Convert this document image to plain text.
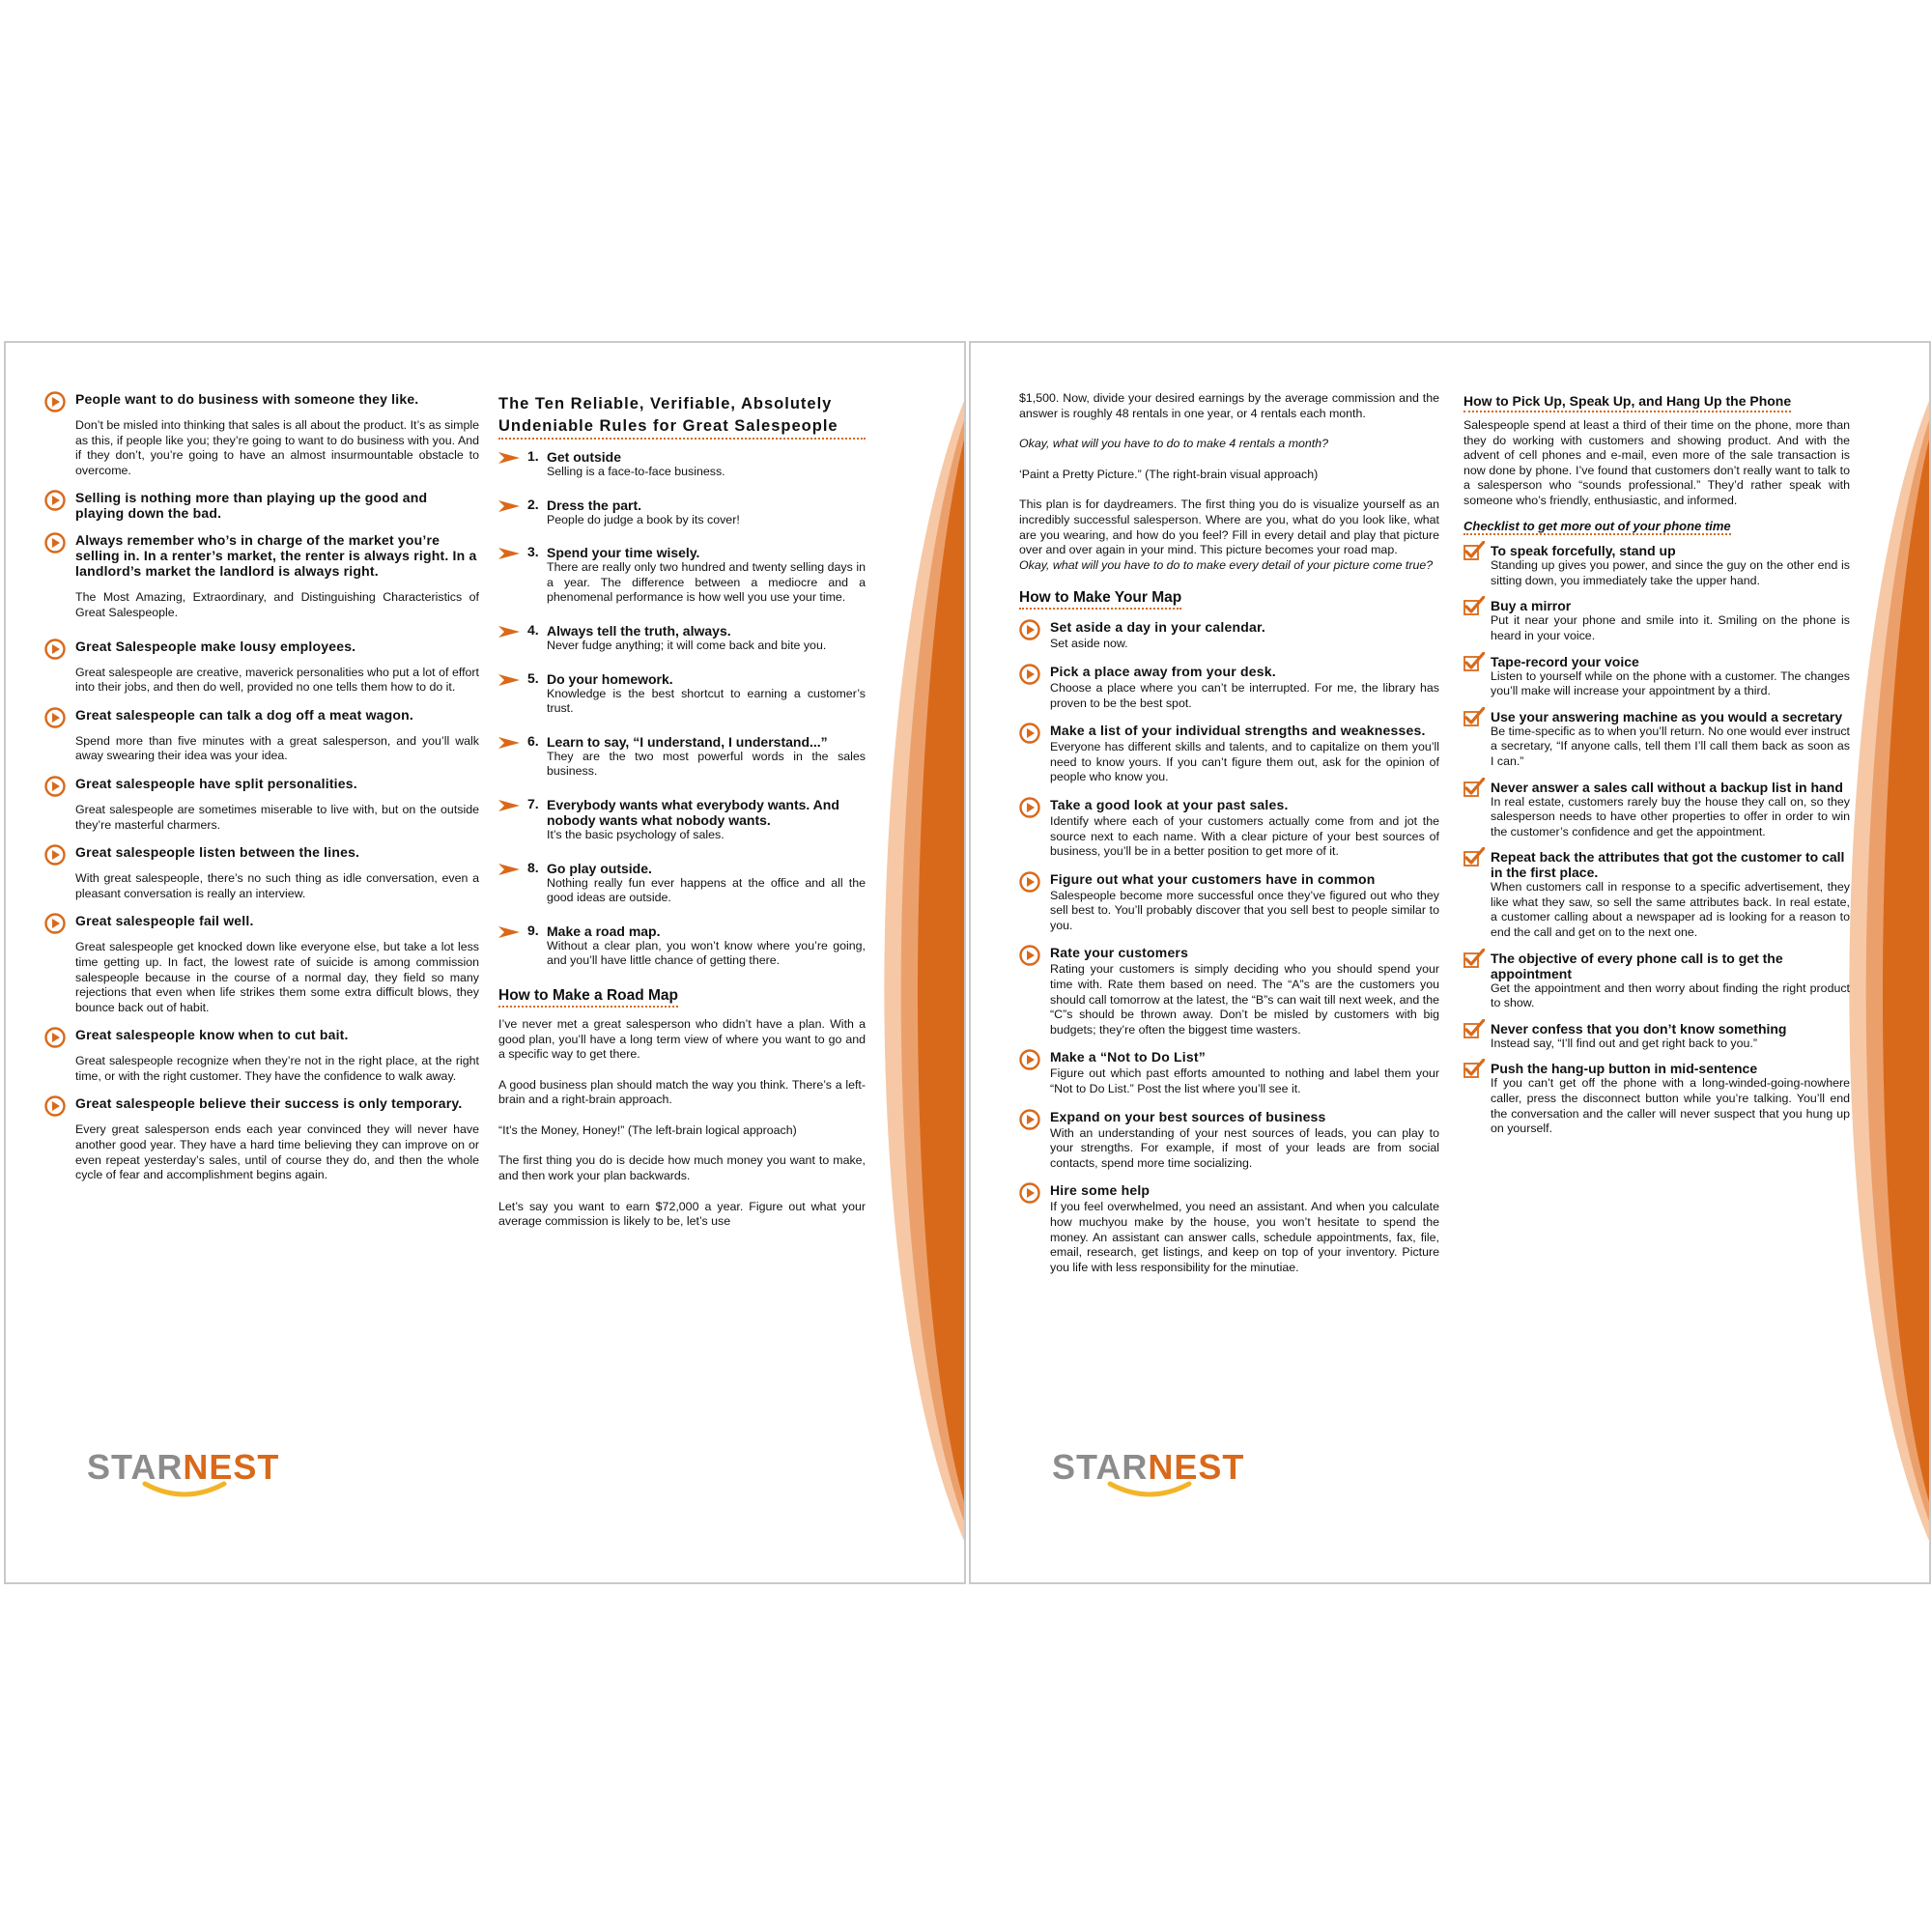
People want to do business with someone they like.
Don’t be misled into thinking that sales is all about the product. It’s as simple as this, if people like you; they’re going to want to do business with you. And if they don’t, you’re going to have an almost insurmountable obstacle to overcome.
Selling is nothing more than playing up the good and playing down the bad.
Always remember who’s in charge of the market you’re selling in. In a renter’s market, the renter is always right. In a landlord’s market the landlord is always right.
The Most Amazing, Extraordinary, and Distinguishing Characteristics of Great Salespeople.
Great Salespeople make lousy employees.
Great salespeople are creative, maverick personalities who put a lot of effort into their jobs, and then do well, provided no one tells them how to do it.
Great salespeople can talk a dog off a meat wagon.
Spend more than five minutes with a great salesperson, and you’ll walk away swearing their idea was your idea.
Great salespeople have split personalities.
Great salespeople are sometimes miserable to live with, but on the outside they’re masterful charmers.
Great salespeople listen between the lines.
With great salespeople, there’s no such thing as idle conversation, even a pleasant conversation is really an interview.
Great salespeople fail well.
Great salespeople get knocked down like everyone else, but take a lot less time getting up. In fact, the lowest rate of suicide is among commission salespeople because in the course of a normal day, they field so many rejections that even when life strikes them some extra difficult blows, they bounce back out of habit.
Great salespeople know when to cut bait.
Great salespeople recognize when they’re not in the right place, at the right time, or with the right customer. They have the confidence to walk away.
Great salespeople believe their success is only temporary.
Every great salesperson ends each year convinced they will never have another good year. They have a hard time believing they can improve on or even repeat yesterday’s sales, until of course they do, and then the whole cycle of fear and accomplishment begins again.
The Ten Reliable, Verifiable, Absolutely Undeniable Rules for Great Salespeople
1. Get outside
Selling is a face-to-face business.
2. Dress the part.
People do judge a book by its cover!
3. Spend your time wisely.
There are really only two hundred and twenty selling days in a year. The difference between a mediocre and a phenomenal performance is how well you use your time.
4. Always tell the truth, always.
Never fudge anything; it will come back and bite you.
5. Do your homework.
Knowledge is the best shortcut to earning a customer’s trust.
6. Learn to say, “I understand, I understand...”
They are the two most powerful words in the sales business.
7. Everybody wants what everybody wants. And nobody wants what nobody wants.
It’s the basic psychology of sales.
8. Go play outside.
Nothing really fun ever happens at the office and all the good ideas are outside.
9. Make a road map.
Without a clear plan, you won’t know where you’re going, and you’ll have little chance of getting there.
How to Make a Road Map
I’ve never met a great salesperson who didn’t have a plan. With a good plan, you’ll have a long term view of where you want to go and a specific way to get there.
A good business plan should match the way you think. There’s a left-brain and a right-brain approach.
“It’s the Money, Honey!” (The left-brain logical approach)
The first thing you do is decide how much money you want to make, and then work your plan backwards.
Let’s say you want to earn $72,000 a year. Figure out what your average commission is likely to be, let’s use
STARNEST
$1,500. Now, divide your desired earnings by the average commission and the answer is roughly 48 rentals in one year, or 4 rentals each month.
Okay, what will you have to do to make 4 rentals a month?
‘Paint a Pretty Picture.” (The right-brain visual approach)
This plan is for daydreamers. The first thing you do is visualize yourself as an incredibly successful salesperson. Where are you, what do you look like, what are you wearing, and how do you feel? Fill in every detail and play that picture over and over again in your mind. This picture becomes your road map.
Okay, what will you have to do to make every detail of your picture come true?
How to Make Your Map
Set aside a day in your calendar.
Set aside now.
Pick a place away from your desk.
Choose a place where you can’t be interrupted. For me, the library has proven to be the best spot.
Make a list of your individual strengths and weaknesses.
Everyone has different skills and talents, and to capitalize on them you’ll need to know yours. If you can’t figure them out, ask for the opinion of people who know you.
Take a good look at your past sales.
Identify where each of your customers actually come from and jot the source next to each name. With a clear picture of your best sources of business, you’ll be in a better position to get more of it.
Figure out what your customers have in common
Salespeople become more successful once they’ve figured out who they sell best to. You’ll probably discover that you sell best to people similar to you.
Rate your customers
Rating your customers is simply deciding who you should spend your time with. Rate them based on need. The “A”s are the customers you should call tomorrow at the latest, the “B”s can wait till next week, and the “C”s should be thrown away. Don’t be misled by customers with big budgets; they’re often the biggest time wasters.
Make a “Not to Do List”
Figure out which past efforts amounted to nothing and label them your “Not to Do List.” Post the list where you’ll see it.
Expand on your best sources of business
With an understanding of your nest sources of leads, you can play to your strengths. For example, if most of your leads are from social contacts, spend more time socializing.
Hire some help
If you feel overwhelmed, you need an assistant. And when you calculate how muchyou make by the house, you won’t hesitate to spend the money. An assistant can answer calls, schedule appointments, fax, file, email, research, get listings, and keep on top of your inventory. Picture you life with less responsibility for the minutiae.
How to Pick Up, Speak Up, and Hang Up the Phone
Salespeople spend at least a third of their time on the phone, more than they do working with customers and showing product. And with the advent of cell phones and e-mail, even more of the sale transaction is now done by phone. I’ve found that customers don’t really want to talk to a salesperson who “sounds professional.” They’d rather speak with someone who’s friendly, enthusiastic, and informed.
Checklist to get more out of your phone time
To speak forcefully, stand up
Standing up gives you power, and since the guy on the other end is sitting down, you immediately take the upper hand.
Buy a mirror
Put it near your phone and smile into it. Smiling on the phone is heard in your voice.
Tape-record your voice
Listen to yourself while on the phone with a customer. The changes you’ll make will increase your appointment by a third.
Use your answering machine as you would a secretary
Be time-specific as to when you’ll return. No one would ever instruct a secretary, “If anyone calls, tell them I’ll call them back as soon as I can.”
Never answer a sales call without a backup list in hand
In real estate, customers rarely buy the house they call on, so they salesperson needs to have other properties to offer in order to win the customer’s confidence and get the appointment.
Repeat back the attributes that got the customer to call in the first place.
When customers call in response to a specific advertisement, they like what they saw, so sell the same attributes back. In real estate, a customer calling about a newspaper ad is looking for a reason to end the call and get on to the next one.
The objective of every phone call is to get the appointment
Get the appointment and then worry about finding the right product to show.
Never confess that you don’t know something
Instead say, “I’ll find out and get right back to you.”
Push the hang-up button in mid-sentence
If you can’t get off the phone with a long-winded-going-nowhere caller, press the disconnect button while you’re talking. You’ll end the conversation and the caller will never suspect that you hung up on yourself.
STARNEST
